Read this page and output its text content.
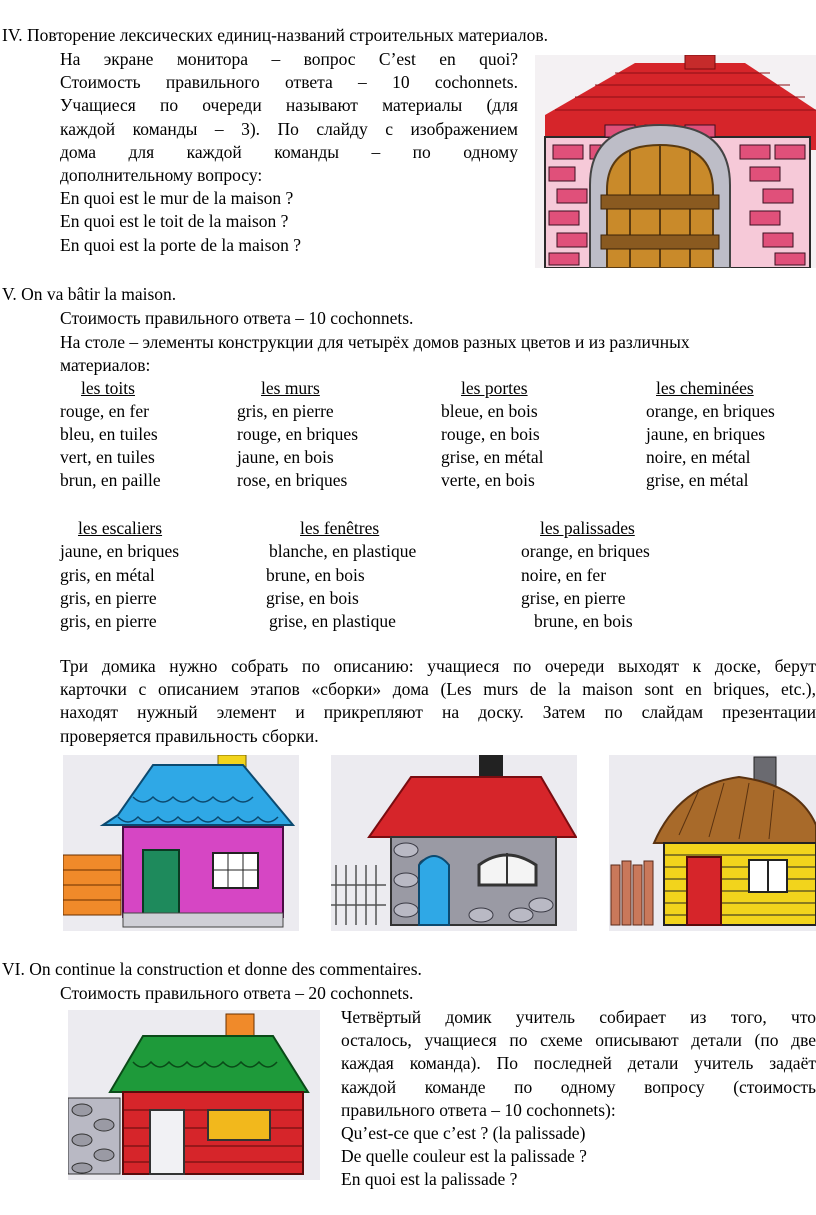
IV. Повторение лексических единиц-названий строительных материалов.
На экране монитора – вопрос C’est en quoi?
Стоимость правильного ответа – 10 cochonnets.
Учащиеся по очереди называют материалы (для
каждой команды – 3). По слайду с изображением
дома для каждой команды – по одному
дополнительному вопросу:
En quoi est le mur de la maison ?
En quoi est le toit de la maison ?
En quoi est la porte de la maison ?
V. On va bâtir la maison.
Стоимость правильного ответа – 10 cochonnets.
На столе – элементы конструкции для четырёх домов разных цветов и из различных
материалов:
les toits	les murs	les portes	les cheminées
rouge, en fer	gris, en pierre	bleue, en bois	orange, en briques
bleu, en tuiles	rouge, en briques	rouge, en bois	jaune, en briques
vert, en tuiles	jaune, en bois	grise, en métal	noire, en métal
brun, en paille	rose, en briques	verte, en bois	grise, en métal
les escaliers	les fenêtres	les palissades
jaune, en briques	blanche, en plastique	orange, en briques
gris, en métal	brune, en bois	noire, en fer
gris, en pierre	grise, en bois	grise, en pierre
gris, en pierre	grise, en plastique	brune, en bois
Три домика нужно собрать по описанию: учащиеся по очереди выходят к доске, берут
карточки с описанием этапов «сборки» дома (Les murs de la maison sont en briques, etc.),
находят нужный элемент и прикрепляют на доску. Затем по слайдам презентации
проверяется правильность сборки.
VI. On continue la construction et donne des commentaires.
Стоимость правильного ответа – 20 cochonnets.
Четвёртый домик учитель собирает из того, что
осталось, учащиеся по схеме описывают детали (по две
каждая команда). По последней детали учитель задаёт
каждой команде по одному вопросу (стоимость
правильного ответа – 10 cochonnets):
Qu’est-ce que c’est ? (la palissade)
De quelle couleur est la palissade ?
En quoi est la palissade ?
